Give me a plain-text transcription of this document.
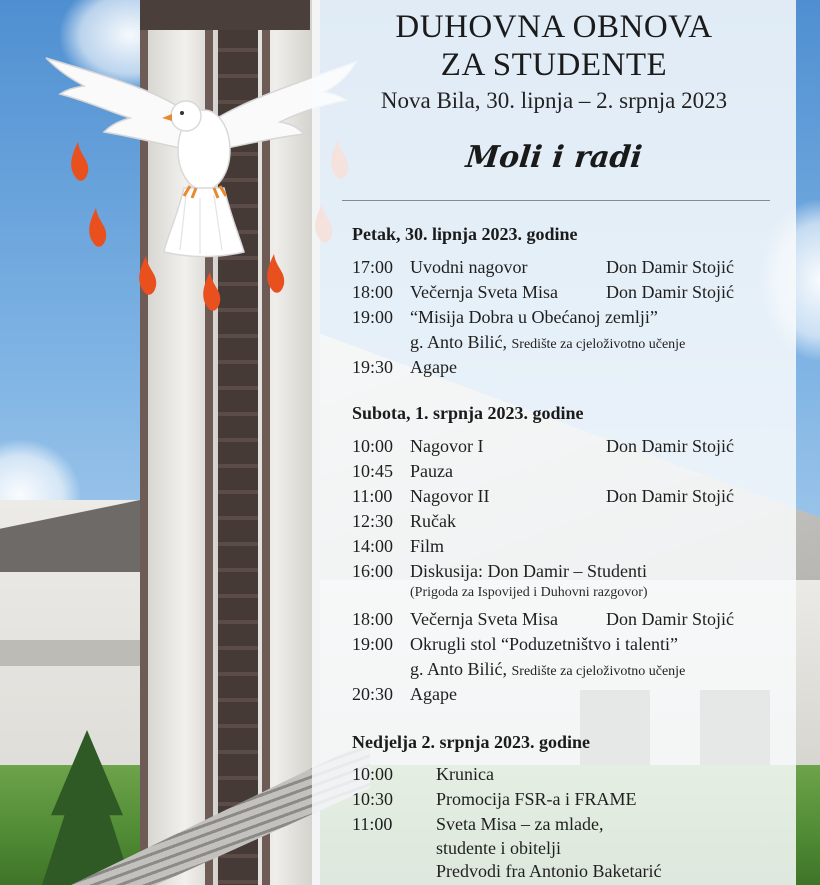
DUHOVNA OBNOVA
ZA STUDENTE
Nova Bila, 30. lipnja – 2. srpnja 2023
Moli i radi
Petak, 30. lipnja 2023. godine
17:00 Uvodni nagovor	Don Damir Stojić
18:00 Večernja Sveta Misa	Don Damir Stojić
19:00 “Misija Dobra u Obećanoj zemlji”
g. Anto Bilić, Središte za cjeloživotno učenje
19:30 Agape
Subota, 1. srpnja 2023. godine
10:00 Nagovor I	Don Damir Stojić
10:45 Pauza
11:00 Nagovor II	Don Damir Stojić
12:30 Ručak
14:00 Film
16:00 Diskusija: Don Damir – Studenti
(Prigoda za Ispovijed i Duhovni razgovor)
18:00 Večernja Sveta Misa	Don Damir Stojić
19:00 Okrugli stol “Poduzetništvo i talenti”
g. Anto Bilić, Središte za cjeloživotno učenje
20:30 Agape
Nedjelja 2. srpnja 2023. godine
10:00 Krunica
10:30 Promocija FSR-a i FRAME
11:00 Sveta Misa – za mlade,
studente i obitelji
Predvodi fra Antonio Baketarić
